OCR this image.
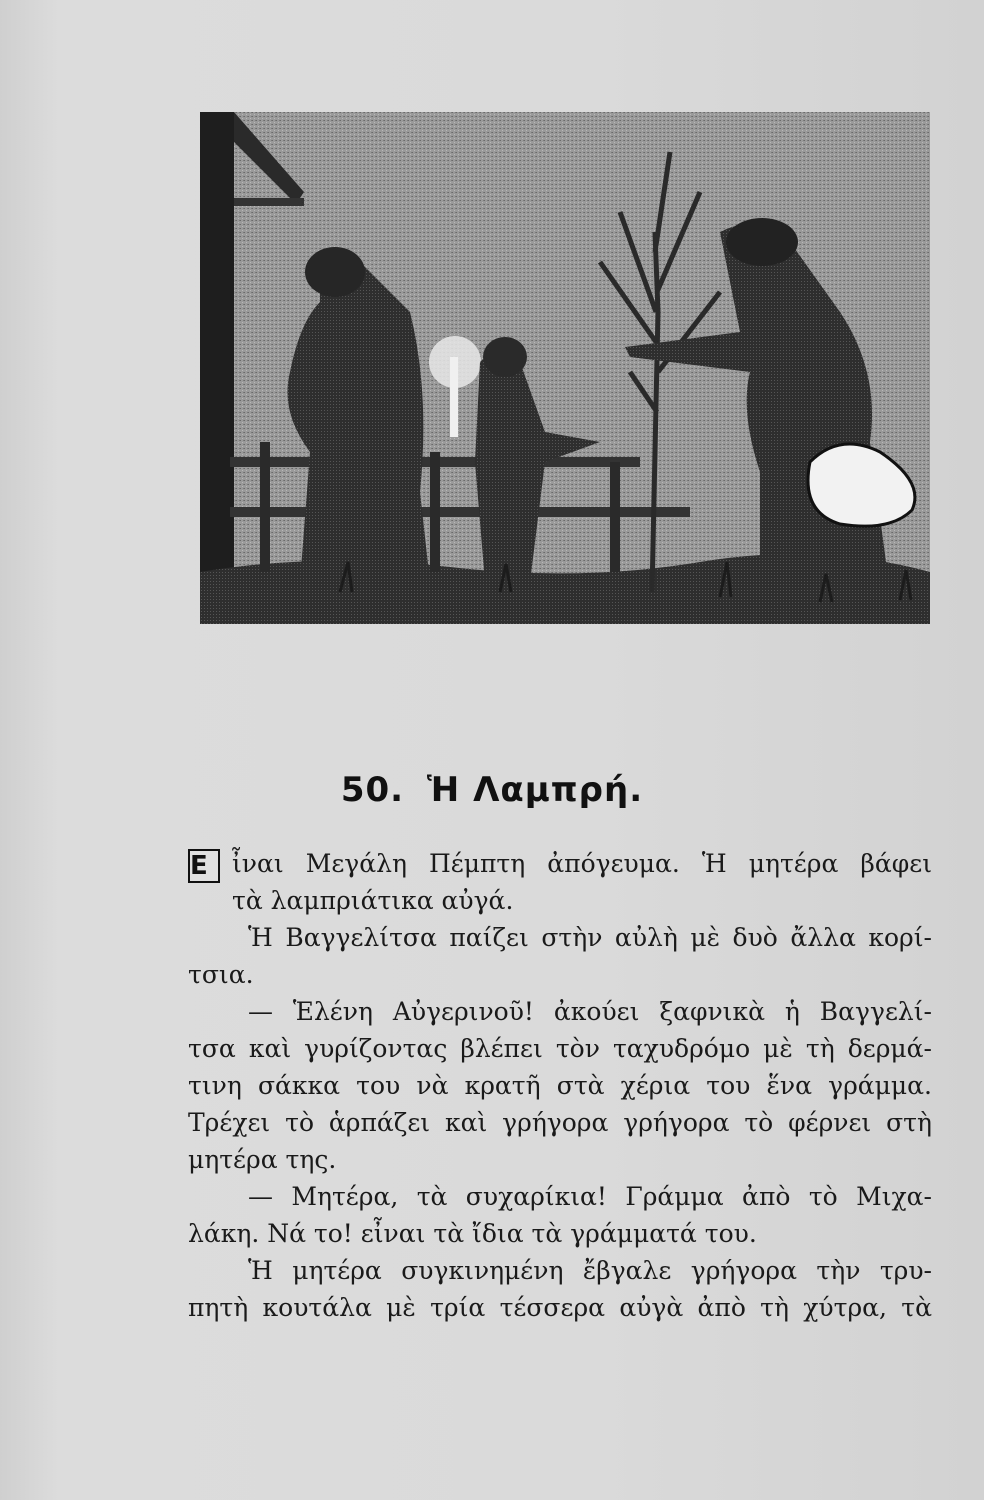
50. Ἡ Λαμπρή.
Ε ἶναι Μεγάλη Πέμπτη ἀπόγευμα. Ἡ μητέρα βάφει
τὰ λαμπριάτικα αὐγά.
Ἡ Βαγγελίτσα παίζει στὴν αὐλὴ μὲ δυὸ ἄλλα κορί-
τσια.
— Ἑλένη Αὐγερινοῦ! ἀκούει ξαφνικὰ ἡ Βαγγελί-
τσα καὶ γυρίζοντας βλέπει τὸν ταχυδρόμο μὲ τὴ δερμά-
τινη σάκκα του νὰ κρατῆ στὰ χέρια του ἕνα γράμμα.
Τρέχει τὸ ἁρπάζει καὶ γρήγορα γρήγορα τὸ φέρνει στὴ
μητέρα της.
— Μητέρα, τὰ συχαρίκια! Γράμμα ἀπὸ τὸ Μιχα-
λάκη. Νά το! εἶναι τὰ ἴδια τὰ γράμματά του.
Ἡ μητέρα συγκινημένη ἔβγαλε γρήγορα τὴν τρυ-
πητὴ κουτάλα μὲ τρία τέσσερα αὐγὰ ἀπὸ τὴ χύτρα, τὰ
